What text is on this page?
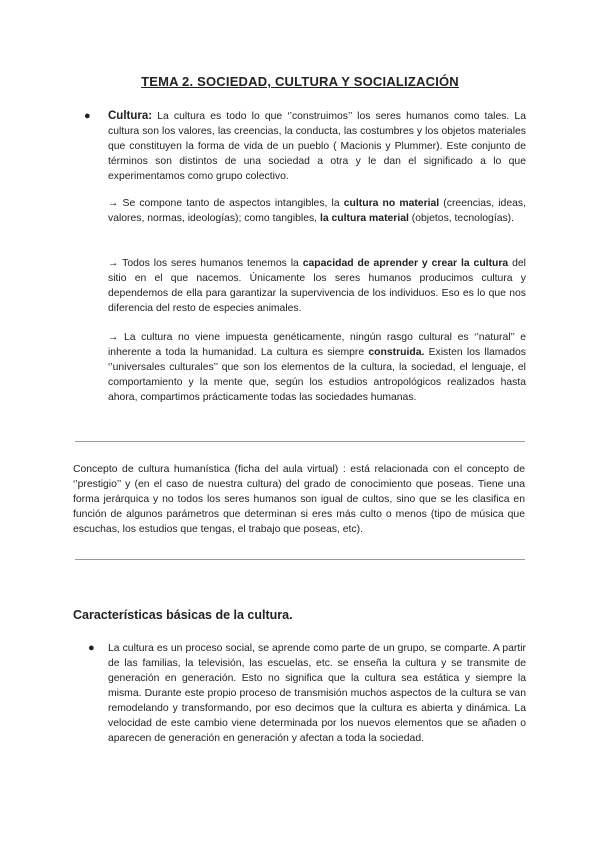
TEMA 2. SOCIEDAD, CULTURA Y SOCIALIZACIÓN
●	Cultura: La cultura es todo lo que ‘’construimos’’ los seres humanos como tales. La cultura son los valores, las creencias, la conducta, las costumbres y los objetos materiales que constituyen la forma de vida de un pueblo ( Macionis y Plummer). Este conjunto de términos son distintos de una sociedad a otra y le dan el significado a lo que experimentamos como grupo colectivo.

→ Se compone tanto de aspectos intangibles, la cultura no material (creencias, ideas, valores, normas, ideologías); como tangibles, la cultura material (objetos, tecnologías).

→ Todos los seres humanos tenemos la capacidad de aprender y crear la cultura del sitio en el que nacemos. Únicamente los seres humanos producimos cultura y dependemos de ella para garantizar la supervivencia de los individuos. Eso es lo que nos diferencia del resto de especies animales.

→ La cultura no viene impuesta genéticamente, ningún rasgo cultural es ‘’natural’’ e inherente a toda la humanidad. La cultura es siempre construida. Existen los llamados ‘’universales culturales’’ que son los elementos de la cultura, la sociedad, el lenguaje, el comportamiento y la mente que, según los estudios antropológicos realizados hasta ahora, compartimos prácticamente todas las sociedades humanas.

Concepto de cultura humanística (ficha del aula virtual) : está relacionada con el concepto de ‘’prestigio’’ y (en el caso de nuestra cultura) del grado de conocimiento que poseas. Tiene una forma jerárquica y no todos los seres humanos son igual de cultos, sino que se les clasifica en función de algunos parámetros que determinan si eres más culto o menos (tipo de música que escuchas, los estudios que tengas, el trabajo que poseas, etc).

Características básicas de la cultura.
● La cultura es un proceso social, se aprende como parte de un grupo, se comparte. A partir de las familias, la televisión, las escuelas, etc. se enseña la cultura y se transmite de generación en generación. Esto no significa que la cultura sea estática y siempre la misma. Durante este propio proceso de transmisión muchos aspectos de la cultura se van remodelando y transformando, por eso decimos que la cultura es abierta y dinámica. La velocidad de este cambio viene determinada por los nuevos elementos que se añaden o aparecen de generación en generación y afectan a toda la sociedad.
